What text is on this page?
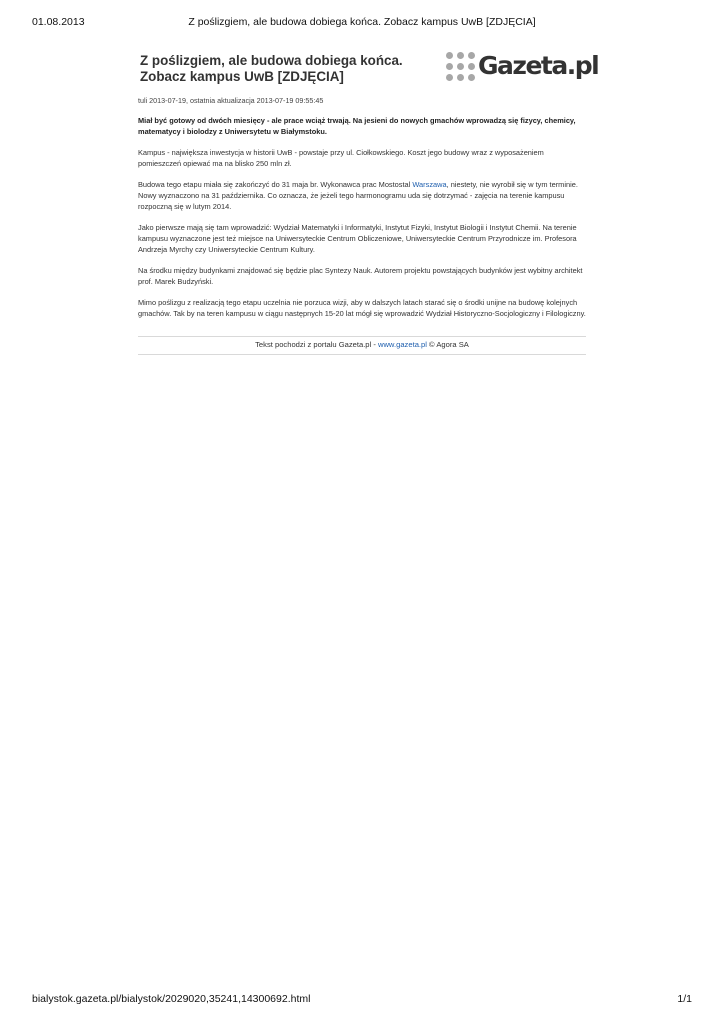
01.08.2013	Z poślizgiem, ale budowa dobiega końca. Zobacz kampus UwB [ZDJĘCIA]
Z poślizgiem, ale budowa dobiega końca.
Zobacz kampus UwB [ZDJĘCIA]	Gazeta.pl
tuli 2013-07-19, ostatnia aktualizacja 2013-07-19 09:55:45

Miał być gotowy od dwóch miesięcy - ale prace wciąż trwają. Na jesieni do nowych gmachów wprowadzą się fizycy, chemicy, matematycy i biolodzy z Uniwersytetu w Białymstoku.

Kampus - największa inwestycja w historii UwB - powstaje przy ul. Ciołkowskiego. Koszt jego budowy wraz z wyposażeniem pomieszczeń opiewać ma na blisko 250 mln zł.

Budowa tego etapu miała się zakończyć do 31 maja br. Wykonawca prac Mostostal Warszawa, niestety, nie wyrobił się w tym terminie. Nowy wyznaczono na 31 października. Co oznacza, że jeżeli tego harmonogramu uda się dotrzymać - zajęcia na terenie kampusu rozpoczną się w lutym 2014.

Jako pierwsze mają się tam wprowadzić: Wydział Matematyki i Informatyki, Instytut Fizyki, Instytut Biologii i Instytut Chemii. Na terenie kampusu wyznaczone jest też miejsce na Uniwersyteckie Centrum Obliczeniowe, Uniwersyteckie Centrum Przyrodnicze im. Profesora Andrzeja Myrchy czy Uniwersyteckie Centrum Kultury.

Na środku między budynkami znajdować się będzie plac Syntezy Nauk. Autorem projektu powstających budynków jest wybitny architekt prof. Marek Budzyński.

Mimo poślizgu z realizacją tego etapu uczelnia nie porzuca wizji, aby w dalszych latach starać się o środki unijne na budowę kolejnych gmachów. Tak by na teren kampusu w ciągu następnych 15-20 lat mógł się wprowadzić Wydział Historyczno-Socjologiczny i Filologiczny.

Tekst pochodzi z portalu Gazeta.pl - www.gazeta.pl © Agora SA
bialystok.gazeta.pl/bialystok/2029020,35241,14300692.html	1/1
